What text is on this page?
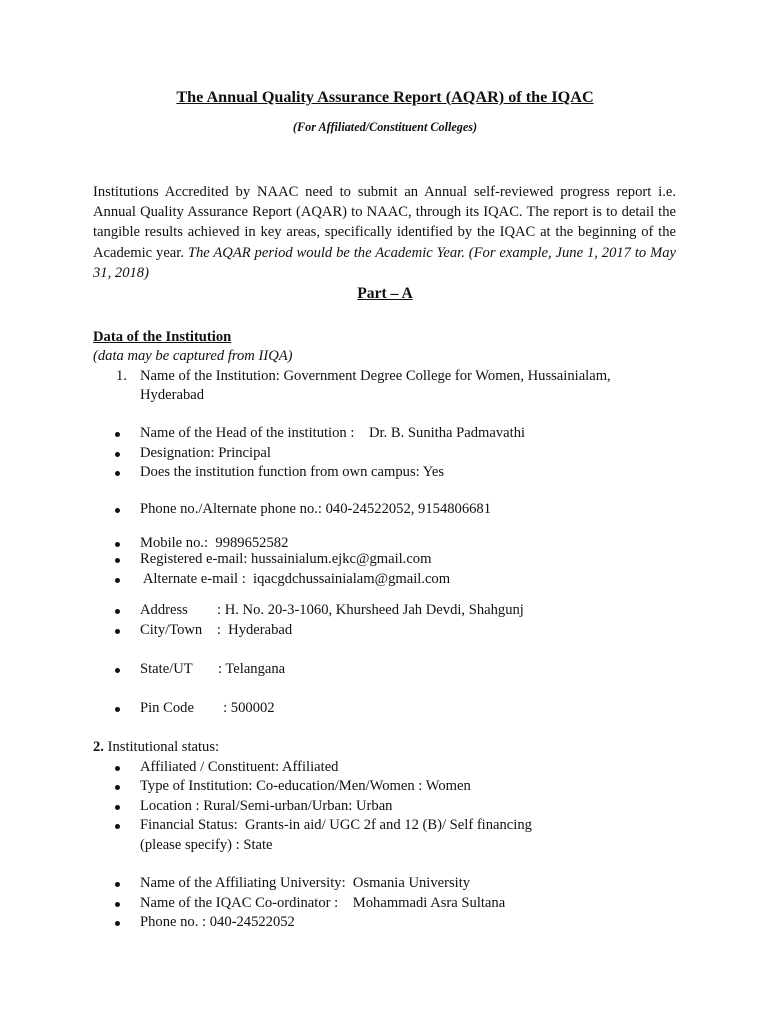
The Annual Quality Assurance Report (AQAR) of the IQAC
(For Affiliated/Constituent Colleges)
Institutions Accredited by NAAC need to submit an Annual self-reviewed progress report i.e. Annual Quality Assurance Report (AQAR) to NAAC, through its IQAC. The report is to detail the tangible results achieved in key areas, specifically identified by the IQAC at the beginning of the Academic year. The AQAR period would be the Academic Year. (For example, June 1, 2017 to May 31, 2018)
Part – A
Data of the Institution
(data may be captured from IIQA)
1. Name of the Institution: Government Degree College for Women, Hussainialam,
Hyderabad
Name of the Head of the institution :    Dr. B. Sunitha Padmavathi
Designation: Principal
Does the institution function from own campus: Yes
Phone no./Alternate phone no.: 040-24522052, 9154806681
Mobile no.:  9989652582
Registered e-mail: hussainialum.ejkc@gmail.com
Alternate e-mail :  iqacgdchussainialam@gmail.com
Address        : H. No. 20-3-1060, Khursheed Jah Devdi, Shahgunj
City/Town    :  Hyderabad
State/UT       : Telangana
Pin Code        : 500002
2. Institutional status:
Affiliated / Constituent: Affiliated
Type of Institution: Co-education/Men/Women : Women
Location : Rural/Semi-urban/Urban: Urban
Financial Status:  Grants-in aid/ UGC 2f and 12 (B)/ Self financing
(please specify) : State
Name of the Affiliating University:  Osmania University
Name of the IQAC Co-ordinator :    Mohammadi Asra Sultana
Phone no. : 040-24522052
